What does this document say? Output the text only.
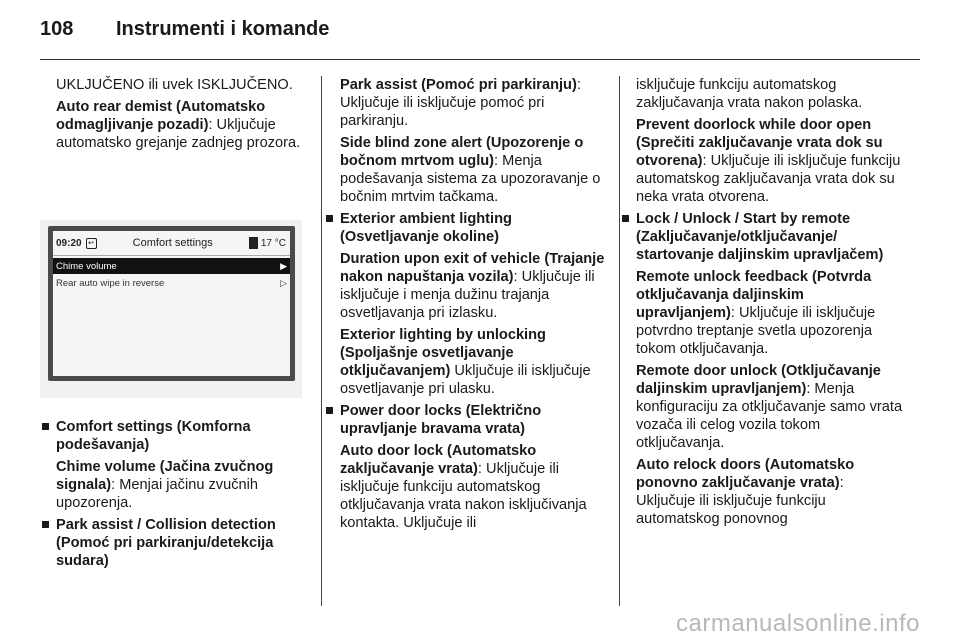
108	Instrumenti i komande

UKLJUČENO ili uvek ISKLJUČENO.

Auto rear demist (Automatsko odmagljivanje pozadi): Uključuje automatsko grejanje zadnjeg prozora.

09:20 ↩	Comfort settings	17 °C
Chime volume	▶
Rear auto wipe in reverse	▷

Comfort settings (Komforna podešavanja)

Chime volume (Jačina zvučnog signala): Menjai jačinu zvučnih upozorenja.

Park assist / Collision detection (Pomoć pri parkiranju/detekcija sudara)

Park assist (Pomoć pri parkiranju): Uključuje ili isključuje pomoć pri parkiranju.

Side blind zone alert (Upozorenje o bočnom mrtvom uglu): Menja podešavanja sistema za upozoravanje o bočnim mrtvim tačkama.

Exterior ambient lighting (Osvetljavanje okoline)

Duration upon exit of vehicle (Trajanje nakon napuštanja vozila): Uključuje ili isključuje i menja dužinu trajanja osvetljavanja pri izlasku.

Exterior lighting by unlocking (Spoljašnje osvetljavanje otključavanjem) Uključuje ili isključuje osvetljavanje pri ulasku.

Power door locks (Električno upravljanje bravama vrata)

Auto door lock (Automatsko zaključavanje vrata): Uključuje ili isključuje funkciju automatskog otključavanja vrata nakon isključivanja kontakta. Uključuje ili

isključuje funkciju automatskog zaključavanja vrata nakon polaska.

Prevent doorlock while door open (Sprečiti zaključavanje vrata dok su otvorena): Uključuje ili isključuje funkciju automatskog zaključavanja vrata dok su neka vrata otvorena.

Lock / Unlock / Start by remote (Zaključavanje/otključavanje/ startovanje daljinskim upravljačem)

Remote unlock feedback (Potvrda otključavanja daljinskim upravljanjem): Uključuje ili isključuje potvrdno treptanje svetla upozorenja tokom otključavanja.

Remote door unlock (Otključavanje daljinskim upravljanjem): Menja konfiguraciju za otključavanje samo vrata vozača ili celog vozila tokom otključavanja.

Auto relock doors (Automatsko ponovno zaključavanje vrata): Uključuje ili isključuje funkciju automatskog ponovnog

carmanualsonline.info
